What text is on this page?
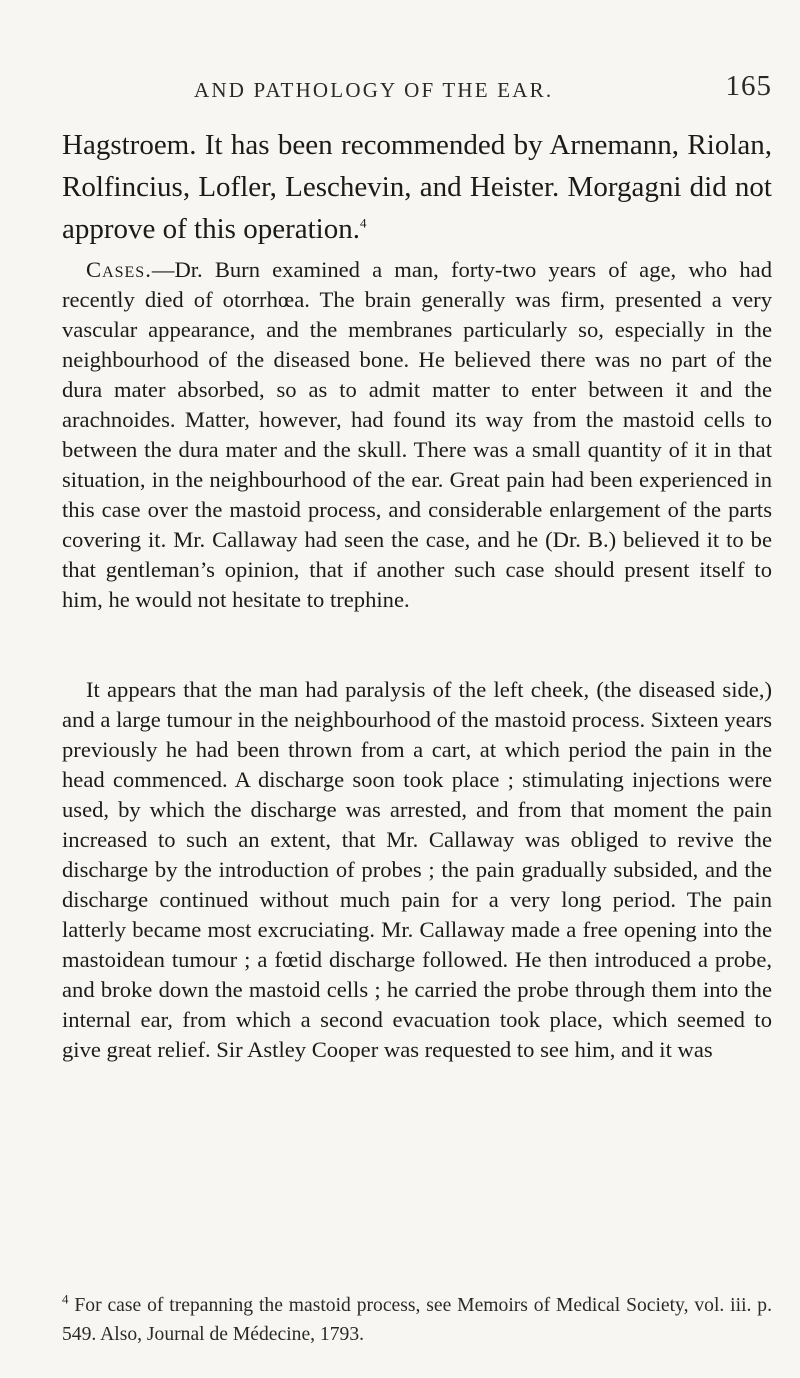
AND PATHOLOGY OF THE EAR.	165

Hagstroem. It has been recommended by Arnemann, Riolan, Rolfincius, Lofler, Leschevin, and Heister. Morgagni did not approve of this operation.$^4$

Cases.—Dr. Burn examined a man, forty-two years of age, who had recently died of otorrhœa. The brain generally was firm, presented a very vascular appearance, and the membranes particularly so, especially in the neighbourhood of the diseased bone. He believed there was no part of the dura mater absorbed, so as to admit matter to enter between it and the arachnoides. Matter, however, had found its way from the mastoid cells to between the dura mater and the skull. There was a small quantity of it in that situation, in the neighbourhood of the ear. Great pain had been experienced in this case over the mastoid process, and considerable enlargement of the parts covering it. Mr. Callaway had seen the case, and he (Dr. B.) believed it to be that gentleman’s opinion, that if another such case should present itself to him, he would not hesitate to trephine.

It appears that the man had paralysis of the left cheek, (the diseased side,) and a large tumour in the neighbourhood of the mastoid process. Sixteen years previously he had been thrown from a cart, at which period the pain in the head commenced. A discharge soon took place ; stimulating injections were used, by which the discharge was arrested, and from that moment the pain increased to such an extent, that Mr. Callaway was obliged to revive the discharge by the introduction of probes ; the pain gradually subsided, and the discharge continued without much pain for a very long period. The pain latterly became most excruciating. Mr. Callaway made a free opening into the mastoidean tumour ; a fœtid discharge followed. He then introduced a probe, and broke down the mastoid cells ; he carried the probe through them into the internal ear, from which a second evacuation took place, which seemed to give great relief. Sir Astley Cooper was requested to see him, and it was

$^4$ For case of trepanning the mastoid process, see Memoirs of Medical Society, vol. iii. p. 549. Also, Journal de Médecine, 1793.
